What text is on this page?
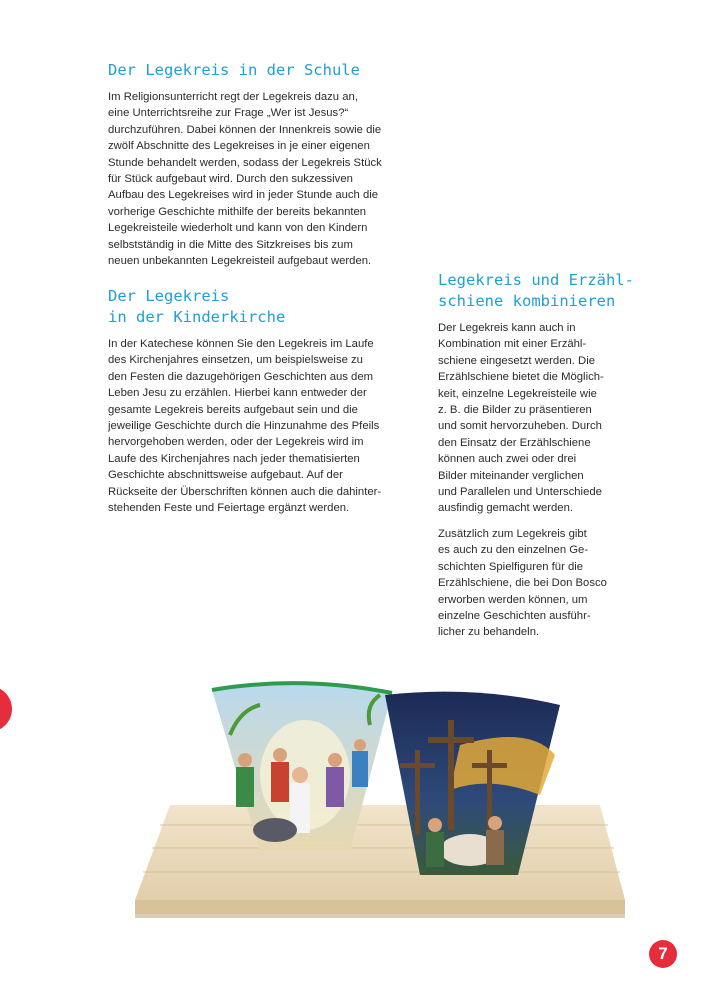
Der Legekreis in der Schule

Im Religionsunterricht regt der Legekreis dazu an,
eine Unterrichtsreihe zur Frage „Wer ist Jesus?“
durchzuführen. Dabei können der Innenkreis sowie die
zwölf Abschnitte des Legekreises in je einer eigenen
Stunde behandelt werden, sodass der Legekreis Stück
für Stück aufgebaut wird. Durch den sukzessiven
Aufbau des Legekreises wird in jeder Stunde auch die
vorherige Geschichte mithilfe der bereits bekannten
Legekreisteile wiederholt und kann von den Kindern
selbstständig in die Mitte des Sitzkreises bis zum
neuen unbekannten Legekreisteil aufgebaut werden.

Der Legekreis
in der Kinderkirche

In der Katechese können Sie den Legekreis im Laufe
des Kirchenjahres einsetzen, um beispielsweise zu
den Festen die dazugehörigen Geschichten aus dem
Leben Jesu zu erzählen. Hierbei kann entweder der
gesamte Legekreis bereits aufgebaut sein und die
jeweilige Geschichte durch die Hinzunahme des Pfeils
hervorgehoben werden, oder der Legekreis wird im
Laufe des Kirchenjahres nach jeder thematisierten
Geschichte abschnittsweise aufgebaut. Auf der
Rückseite der Überschriften können auch die dahinter-
stehenden Feste und Feiertage ergänzt werden.

Legekreis und Erzähl-
schiene kombinieren

Der Legekreis kann auch in
Kombination mit einer Erzähl-
schiene eingesetzt werden. Die
Erzählschiene bietet die Möglich-
keit, einzelne Legekreisteile wie
z. B. die Bilder zu präsentieren
und somit hervorzuheben. Durch
den Einsatz der Erzählschiene
können auch zwei oder drei
Bilder miteinander verglichen
und Parallelen und Unterschiede
ausfindig gemacht werden.

Zusätzlich zum Legekreis gibt
es auch zu den einzelnen Ge-
schichten Spielfiguren für die
Erzählschiene, die bei Don Bosco
erworben werden können, um
einzelne Geschichten ausführ-
licher zu behandeln.

7
